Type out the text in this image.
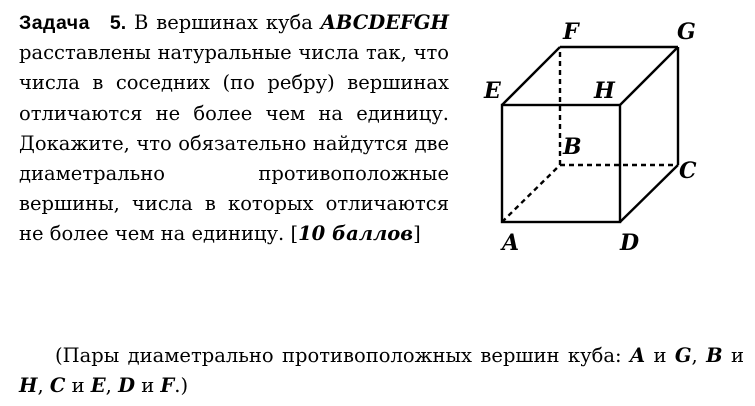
Задача 5. В вершинах куба ABCDEFGH расставлены натуральные числа так, что числа в соседних (по ребру) вершинах отличаются не более чем на единицу. Докажите, что обязательно найдутся две диаметрально противоположные вершины, числа в которых отличаются не более чем на единицу. [10 баллов]
F	G
E	H
B
C
A	D
(Пары диаметрально противоположных вершин куба: A и G, B и H, C и E, D и F.)
